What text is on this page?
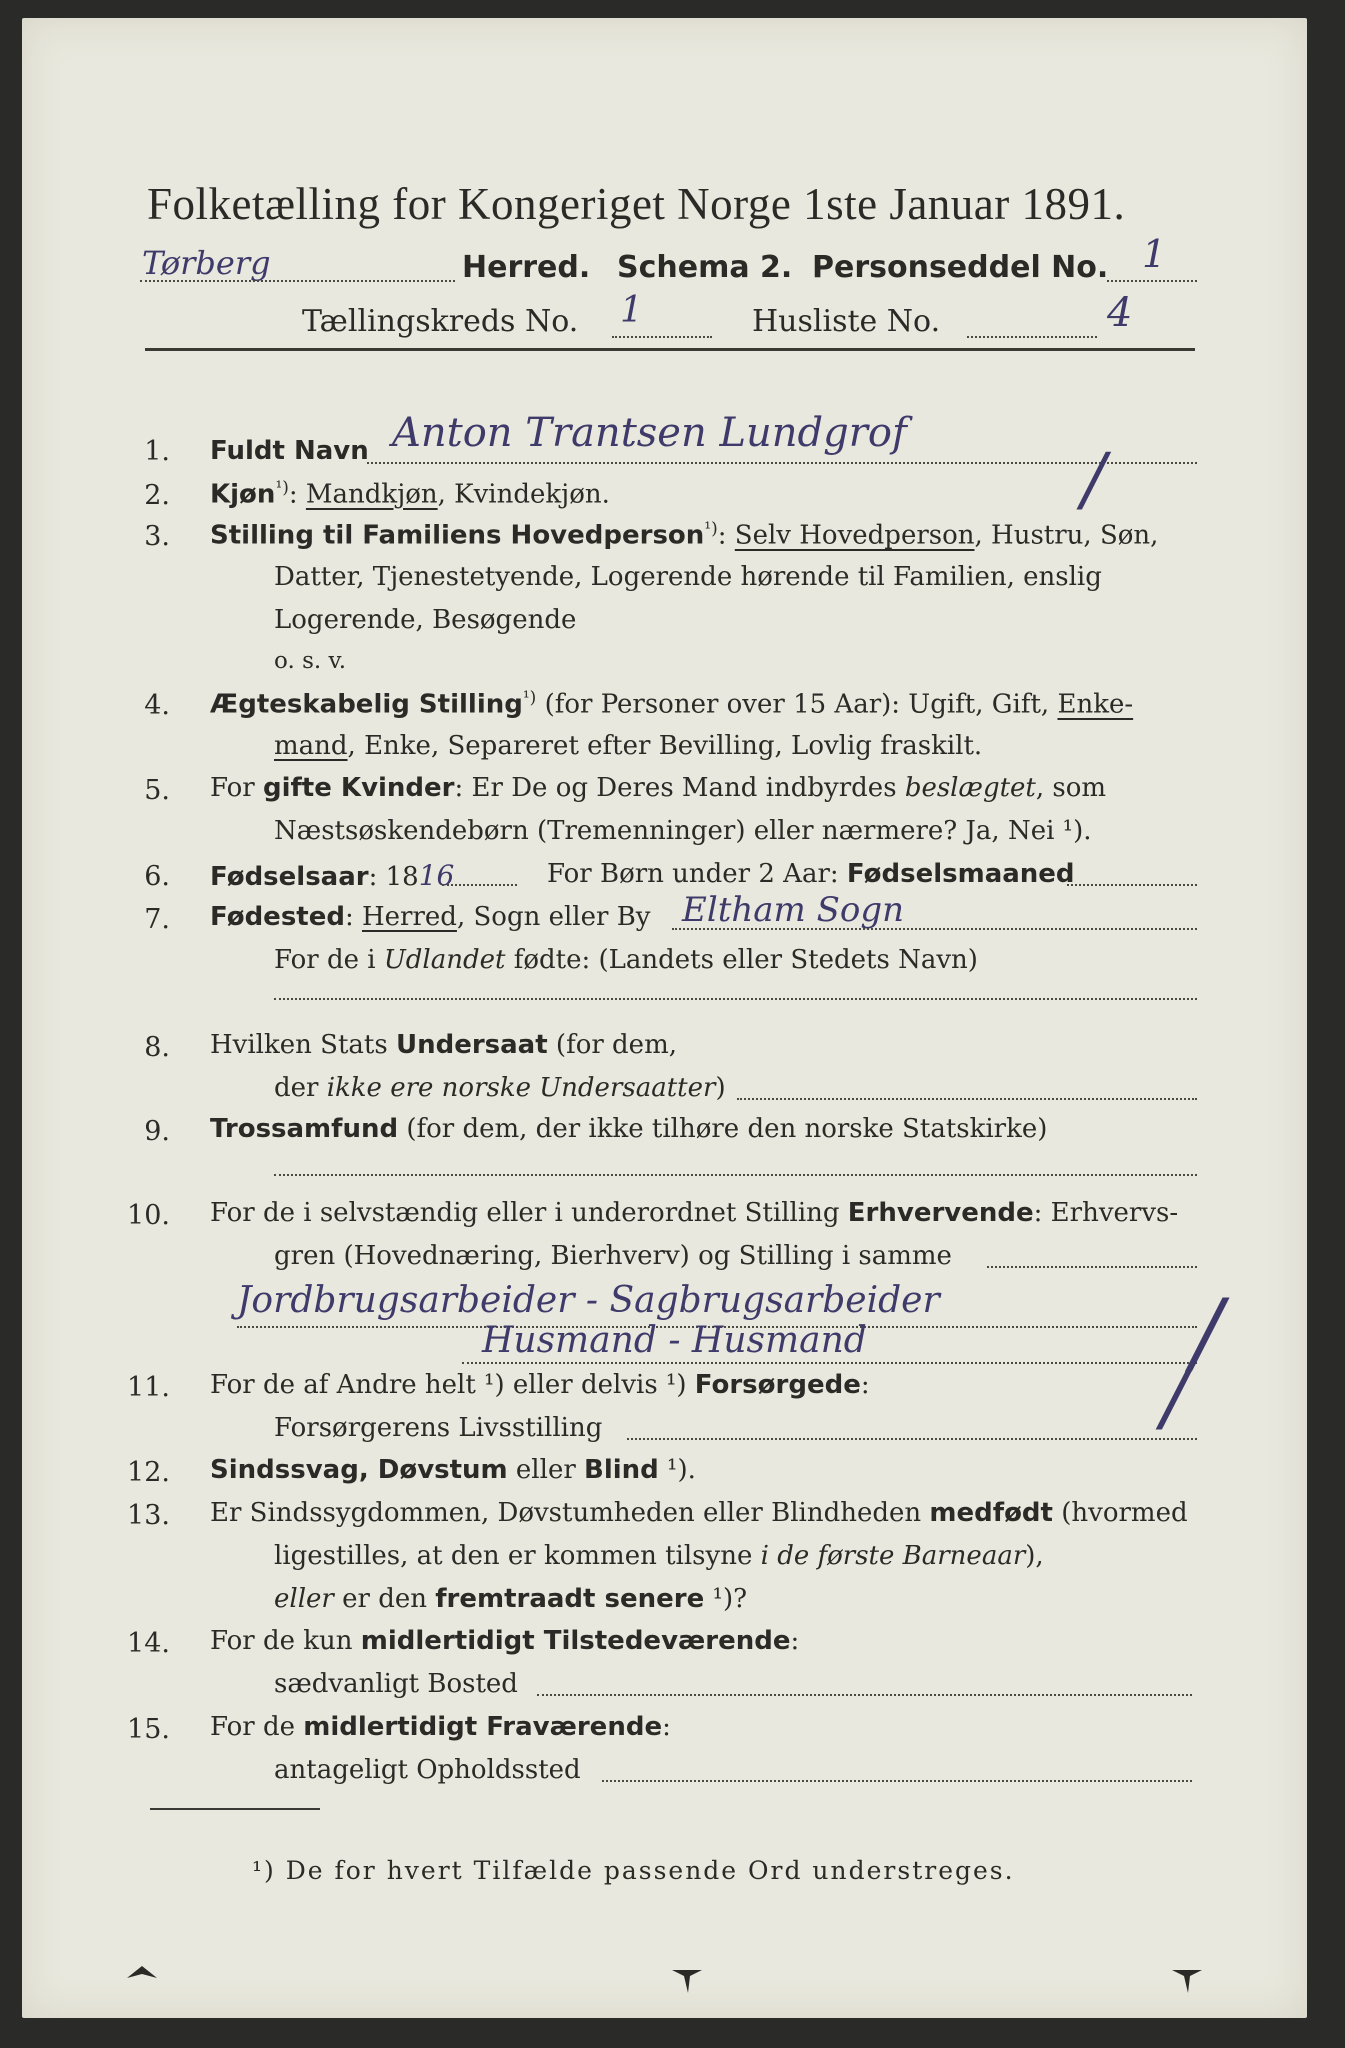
Folketælling for Kongeriget Norge 1ste Januar 1891.
Tørberg	Herred. Schema 2. Personseddel No. 1
Tællingskreds No. 1	Husliste No.	4
1. Fuldt Navn Anton Trantsen Lundgrof
2. Kjøn$^{^1)}$: Mandkjøn, Kvindekjøn.	/
3. Stilling til Familiens Hovedperson$^{^1)}$: Selv Hovedperson, Hustru, Søn,
Datter, Tjenestetyende, Logerende hørende til Familien, enslig
Logerende, Besøgende
o. s. v.
4. Ægteskabelig Stilling$^{^1)}$ (for Personer over 15 Aar): Ugift, Gift, Enke-
mand, Enke, Separeret efter Bevilling, Lovlig fraskilt.
5. For gifte Kvinder: Er De og Deres Mand indbyrdes beslægtet, som
Næstsøskendebørn (Tremenninger) eller nærmere? Ja, Nei ¹).
6. Fødselsaar: 1816	For Børn under 2 Aar: Fødselsmaaned
7. Fødested: Herred, Sogn eller By Eltham Sogn
For de i Udlandet fødte: (Landets eller Stedets Navn)
8. Hvilken Stats Undersaat (for dem,
der ikke ere norske Undersaatter)
9. Trossamfund (for dem, der ikke tilhøre den norske Statskirke)
10. For de i selvstændig eller i underordnet Stilling Erhvervende: Erhvervs-
gren (Hovednæring, Bierhverv) og Stilling i samme
Jordbrugsarbeider - Sagbrugsarbeider
Husmand - Husmand	/
/
11. For de af Andre helt ¹) eller delvis ¹) Forsørgede:
Forsørgerens Livsstilling
12. Sindssvag, Døvstum eller Blind ¹).
13. Er Sindssygdommen, Døvstumheden eller Blindheden medfødt (hvormed
ligestilles, at den er kommen tilsyne i de første Barneaar),
eller er den fremtraadt senere ¹)?
14. For de kun midlertidigt Tilstedeværende:
sædvanligt Bosted
15. For de midlertidigt Fraværende:
antageligt Opholdssted
¹) De for hvert Tilfælde passende Ord understreges.
